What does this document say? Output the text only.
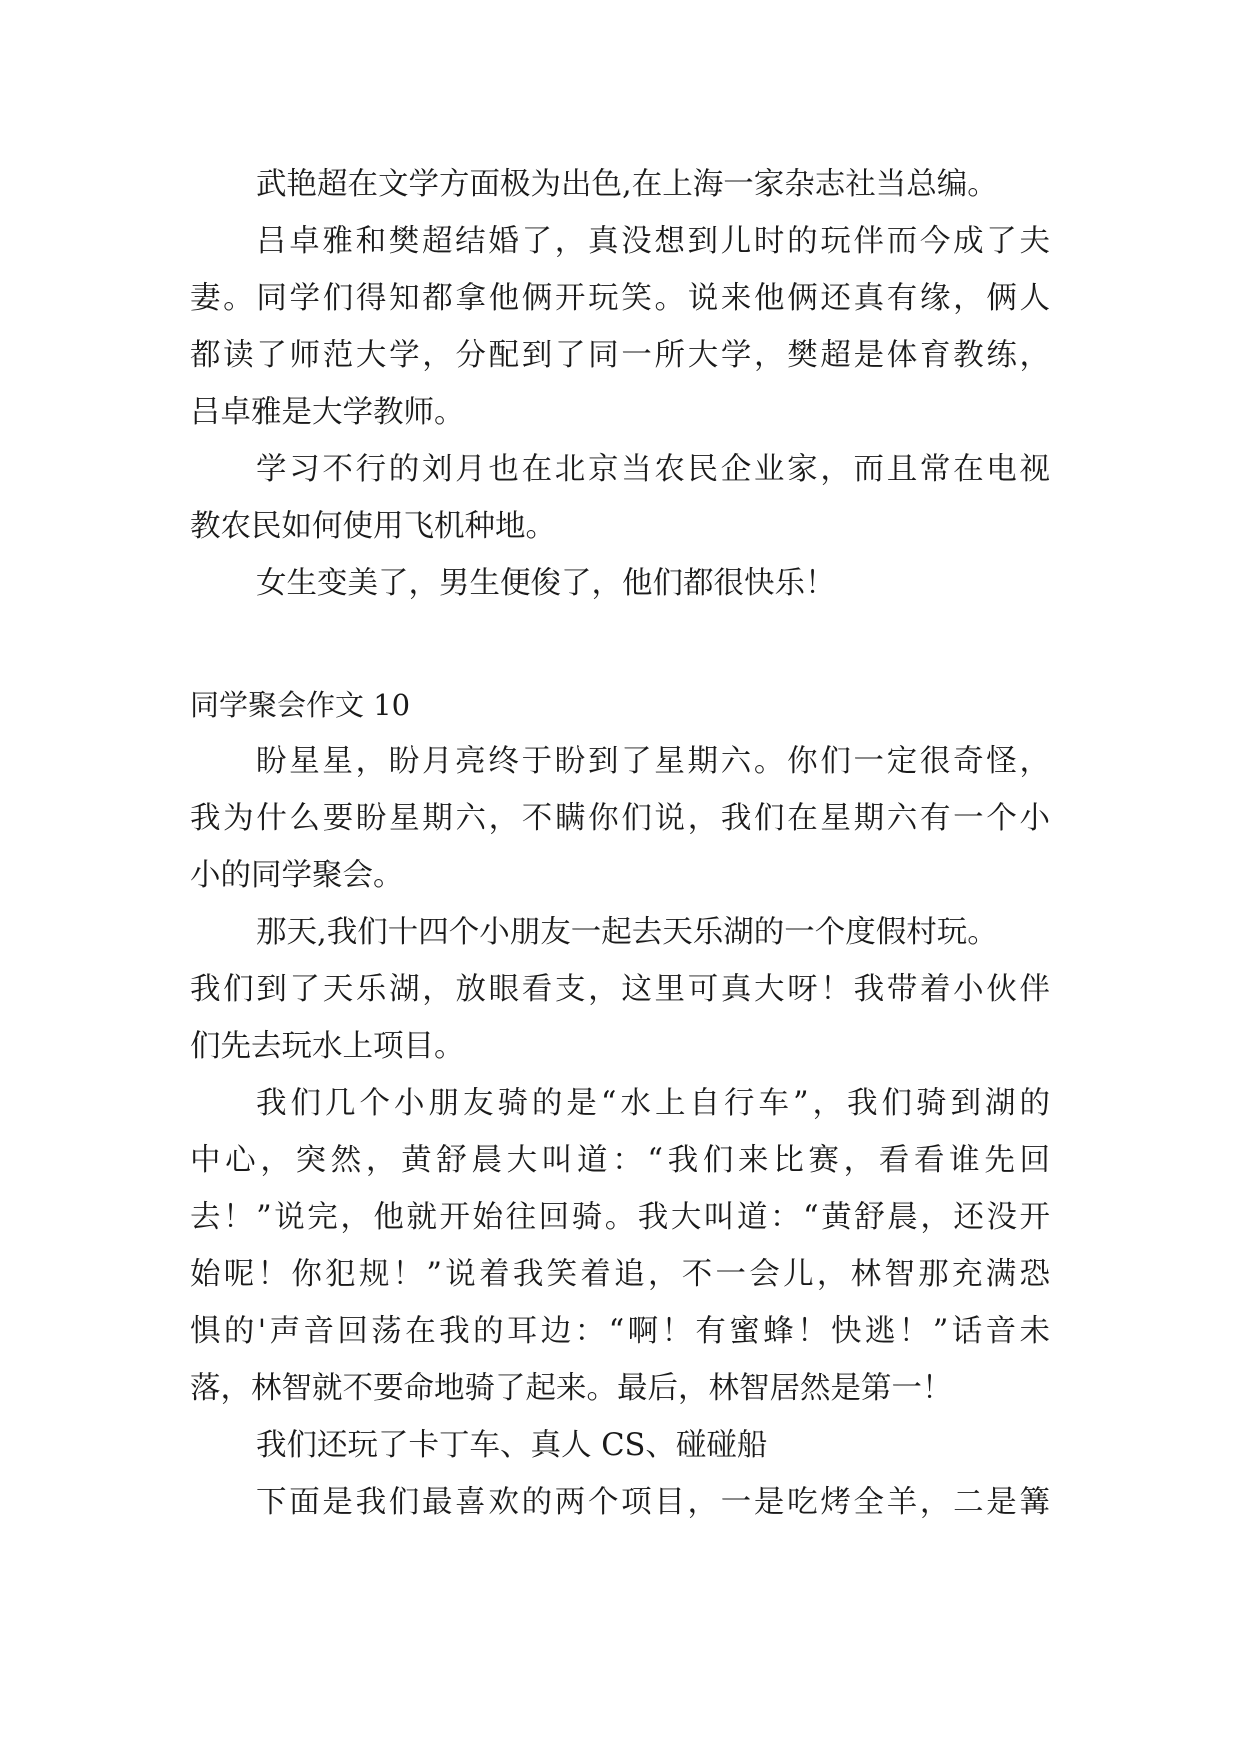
武艳超在文学方面极为出色,在上海一家杂志社当总编。
吕卓雅和樊超结婚了，真没想到儿时的玩伴而今成了夫
妻。同学们得知都拿他俩开玩笑。说来他俩还真有缘，俩人
都读了师范大学，分配到了同一所大学，樊超是体育教练，
吕卓雅是大学教师。
学习不行的刘月也在北京当农民企业家，而且常在电视
教农民如何使用飞机种地。
女生变美了，男生便俊了，他们都很快乐！
同学聚会作文 10
盼星星，盼月亮终于盼到了星期六。你们一定很奇怪，
我为什么要盼星期六，不瞒你们说，我们在星期六有一个小
小的同学聚会。
那天,我们十四个小朋友一起去天乐湖的一个度假村玩。
我们到了天乐湖，放眼看支，这里可真大呀！我带着小伙伴
们先去玩水上项目。
我们几个小朋友骑的是“水上自行车”，我们骑到湖的
中心，突然，黄舒晨大叫道：“我们来比赛，看看谁先回
去！”说完，他就开始往回骑。我大叫道：“黄舒晨，还没开
始呢！你犯规！”说着我笑着追，不一会儿，林智那充满恐
惧的'声音回荡在我的耳边：“啊！有蜜蜂！快逃！”话音未
落，林智就不要命地骑了起来。最后，林智居然是第一！
我们还玩了卡丁车、真人 CS、碰碰船
下面是我们最喜欢的两个项目，一是吃烤全羊，二是篝
